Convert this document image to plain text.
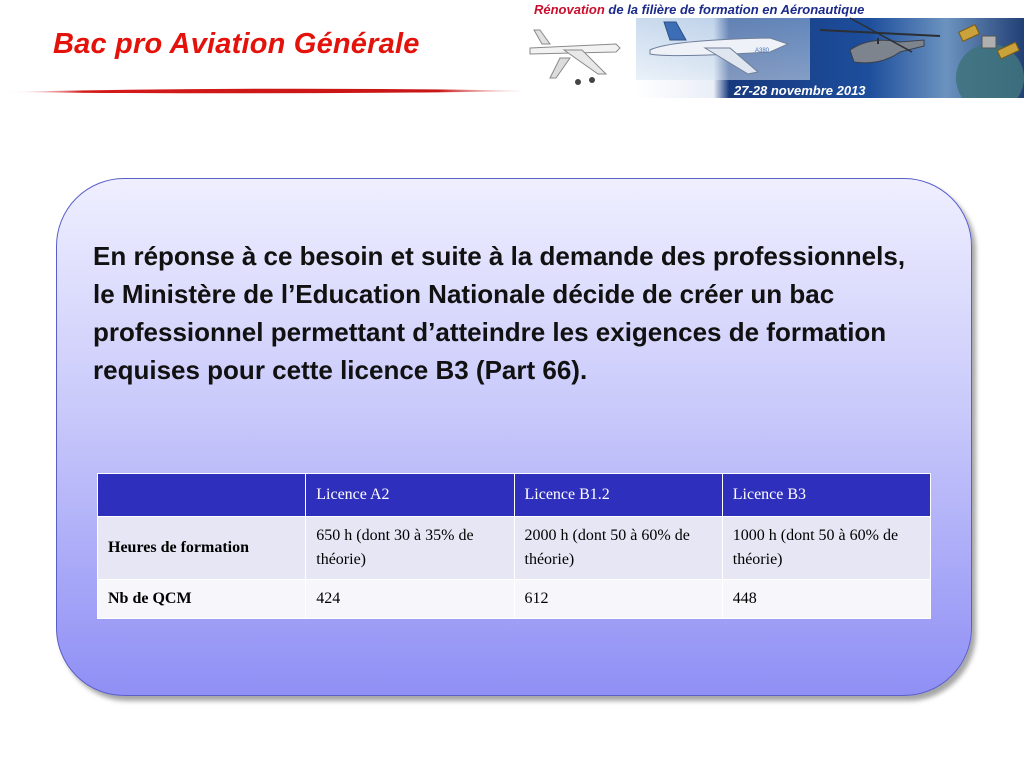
Bac pro Aviation Générale	A380
Rénovation de la filière de formation en Aéronautique
27-28 novembre 2013

En réponse à ce besoin et suite à la demande des professionnels, le Ministère de l’Education Nationale décide de créer un bac professionnel permettant d’atteindre les exigences de formation requises pour cette licence B3 (Part 66).

	Licence A2	Licence B1.2	Licence B3
Heures de formation	650 h (dont 30 à 35% de théorie)	2000 h (dont 50 à 60% de théorie)	1000 h (dont 50 à 60% de théorie)
Nb de QCM	424	612	448
